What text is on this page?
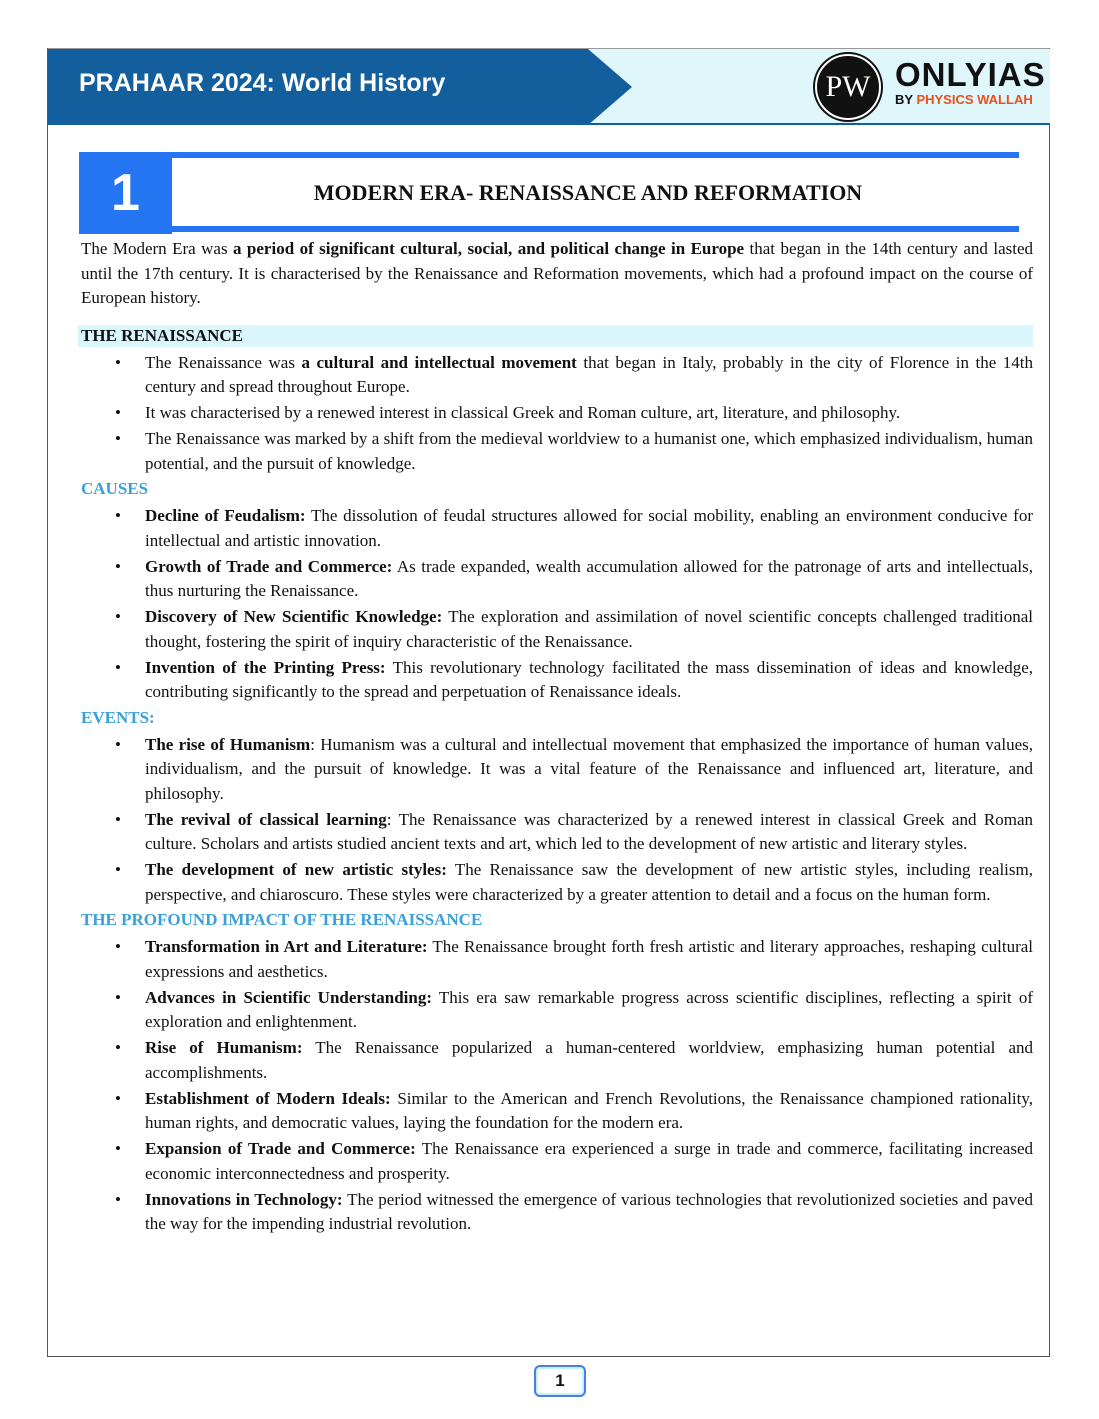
PRAHAAR 2024: World History	PW ONLYIAS
BY PHYSICS WALLAH
1	MODERN ERA- RENAISSANCE AND REFORMATION

The Modern Era was a period of significant cultural, social, and political change in Europe that began in the 14th century and lasted until the 17th century. It is characterised by the Renaissance and Reformation movements, which had a profound impact on the course of European history.

THE RENAISSANCE
• The Renaissance was a cultural and intellectual movement that began in Italy, probably in the city of Florence in the 14th century and spread throughout Europe.
• It was characterised by a renewed interest in classical Greek and Roman culture, art, literature, and philosophy.
• The Renaissance was marked by a shift from the medieval worldview to a humanist one, which emphasized individualism, human potential, and the pursuit of knowledge.
CAUSES
• Decline of Feudalism: The dissolution of feudal structures allowed for social mobility, enabling an environment conducive for intellectual and artistic innovation.
• Growth of Trade and Commerce: As trade expanded, wealth accumulation allowed for the patronage of arts and intellectuals, thus nurturing the Renaissance.
• Discovery of New Scientific Knowledge: The exploration and assimilation of novel scientific concepts challenged traditional thought, fostering the spirit of inquiry characteristic of the Renaissance.
• Invention of the Printing Press: This revolutionary technology facilitated the mass dissemination of ideas and knowledge, contributing significantly to the spread and perpetuation of Renaissance ideals.
EVENTS:
• The rise of Humanism: Humanism was a cultural and intellectual movement that emphasized the importance of human values, individualism, and the pursuit of knowledge. It was a vital feature of the Renaissance and influenced art, literature, and philosophy.
• The revival of classical learning: The Renaissance was characterized by a renewed interest in classical Greek and Roman culture. Scholars and artists studied ancient texts and art, which led to the development of new artistic and literary styles.
• The development of new artistic styles: The Renaissance saw the development of new artistic styles, including realism, perspective, and chiaroscuro. These styles were characterized by a greater attention to detail and a focus on the human form.
THE PROFOUND IMPACT OF THE RENAISSANCE
• Transformation in Art and Literature: The Renaissance brought forth fresh artistic and literary approaches, reshaping cultural expressions and aesthetics.
• Advances in Scientific Understanding: This era saw remarkable progress across scientific disciplines, reflecting a spirit of exploration and enlightenment.
• Rise of Humanism: The Renaissance popularized a human-centered worldview, emphasizing human potential and accomplishments.
• Establishment of Modern Ideals: Similar to the American and French Revolutions, the Renaissance championed rationality, human rights, and democratic values, laying the foundation for the modern era.
• Expansion of Trade and Commerce: The Renaissance era experienced a surge in trade and commerce, facilitating increased economic interconnectedness and prosperity.
• Innovations in Technology: The period witnessed the emergence of various technologies that revolutionized societies and paved the way for the impending industrial revolution.
1
